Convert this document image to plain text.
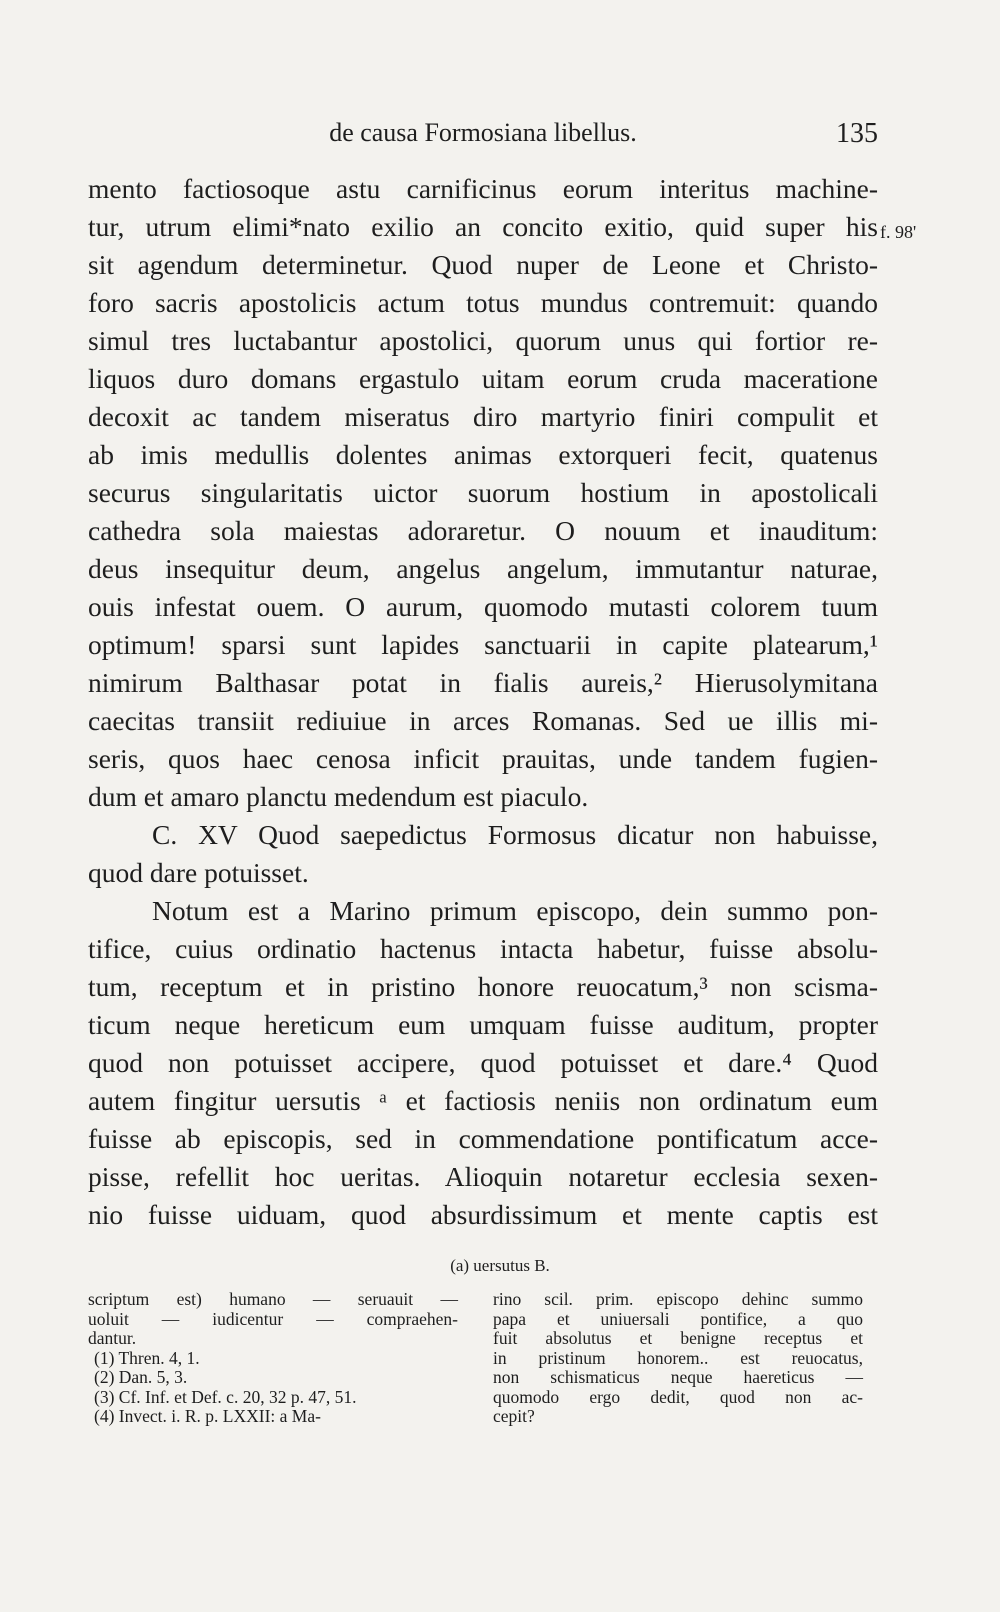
de causa Formosiana libellus.	135
f. 98'
mento factiosoque astu carnificinus eorum interitus machine-
tur, utrum elimi*nato exilio an concito exitio, quid super his
sit agendum determinetur. Quod nuper de Leone et Christo-
foro sacris apostolicis actum totus mundus contremuit: quando
simul tres luctabantur apostolici, quorum unus qui fortior re-
liquos duro domans ergastulo uitam eorum cruda maceratione
decoxit ac tandem miseratus diro martyrio finiri compulit et
ab imis medullis dolentes animas extorqueri fecit, quatenus
securus singularitatis uictor suorum hostium in apostolicali
cathedra sola maiestas adoraretur. O nouum et inauditum:
deus insequitur deum, angelus angelum, immutantur naturae,
ouis infestat ouem. O aurum, quomodo mutasti colorem tuum
optimum! sparsi sunt lapides sanctuarii in capite platearum,¹
nimirum Balthasar potat in fialis aureis,² Hierusolymitana
caecitas transiit rediuiue in arces Romanas. Sed ue illis mi-
seris, quos haec cenosa inficit prauitas, unde tandem fugien-
dum et amaro planctu medendum est piaculo.
C. XV Quod saepedictus Formosus dicatur non habuisse,
quod dare potuisset.
Notum est a Marino primum episcopo, dein summo pon-
tifice, cuius ordinatio hactenus intacta habetur, fuisse absolu-
tum, receptum et in pristino honore reuocatum,³ non scisma-
ticum neque hereticum eum umquam fuisse auditum, propter
quod non potuisset accipere, quod potuisset et dare.⁴ Quod
autem fingitur uersutis ᵃ et factiosis neniis non ordinatum eum
fuisse ab episcopis, sed in commendatione pontificatum acce-
pisse, refellit hoc ueritas. Alioquin notaretur ecclesia sexen-
nio fuisse uiduam, quod absurdissimum et mente captis est
(a) uersutus B.
scriptum est) humano — seruauit —
uoluit — iudicentur — compraehen-
dantur.
(1) Thren. 4, 1.
(2) Dan. 5, 3.
(3) Cf. Inf. et Def. c. 20, 32 p. 47, 51.
(4) Invect. i. R. p. LXXII: a Ma-
rino scil. prim. episcopo dehinc summo
papa et uniuersali pontifice, a quo
fuit absolutus et benigne receptus et
in pristinum honorem.. est reuocatus,
non schismaticus neque haereticus —
quomodo ergo dedit, quod non ac-
cepit?
